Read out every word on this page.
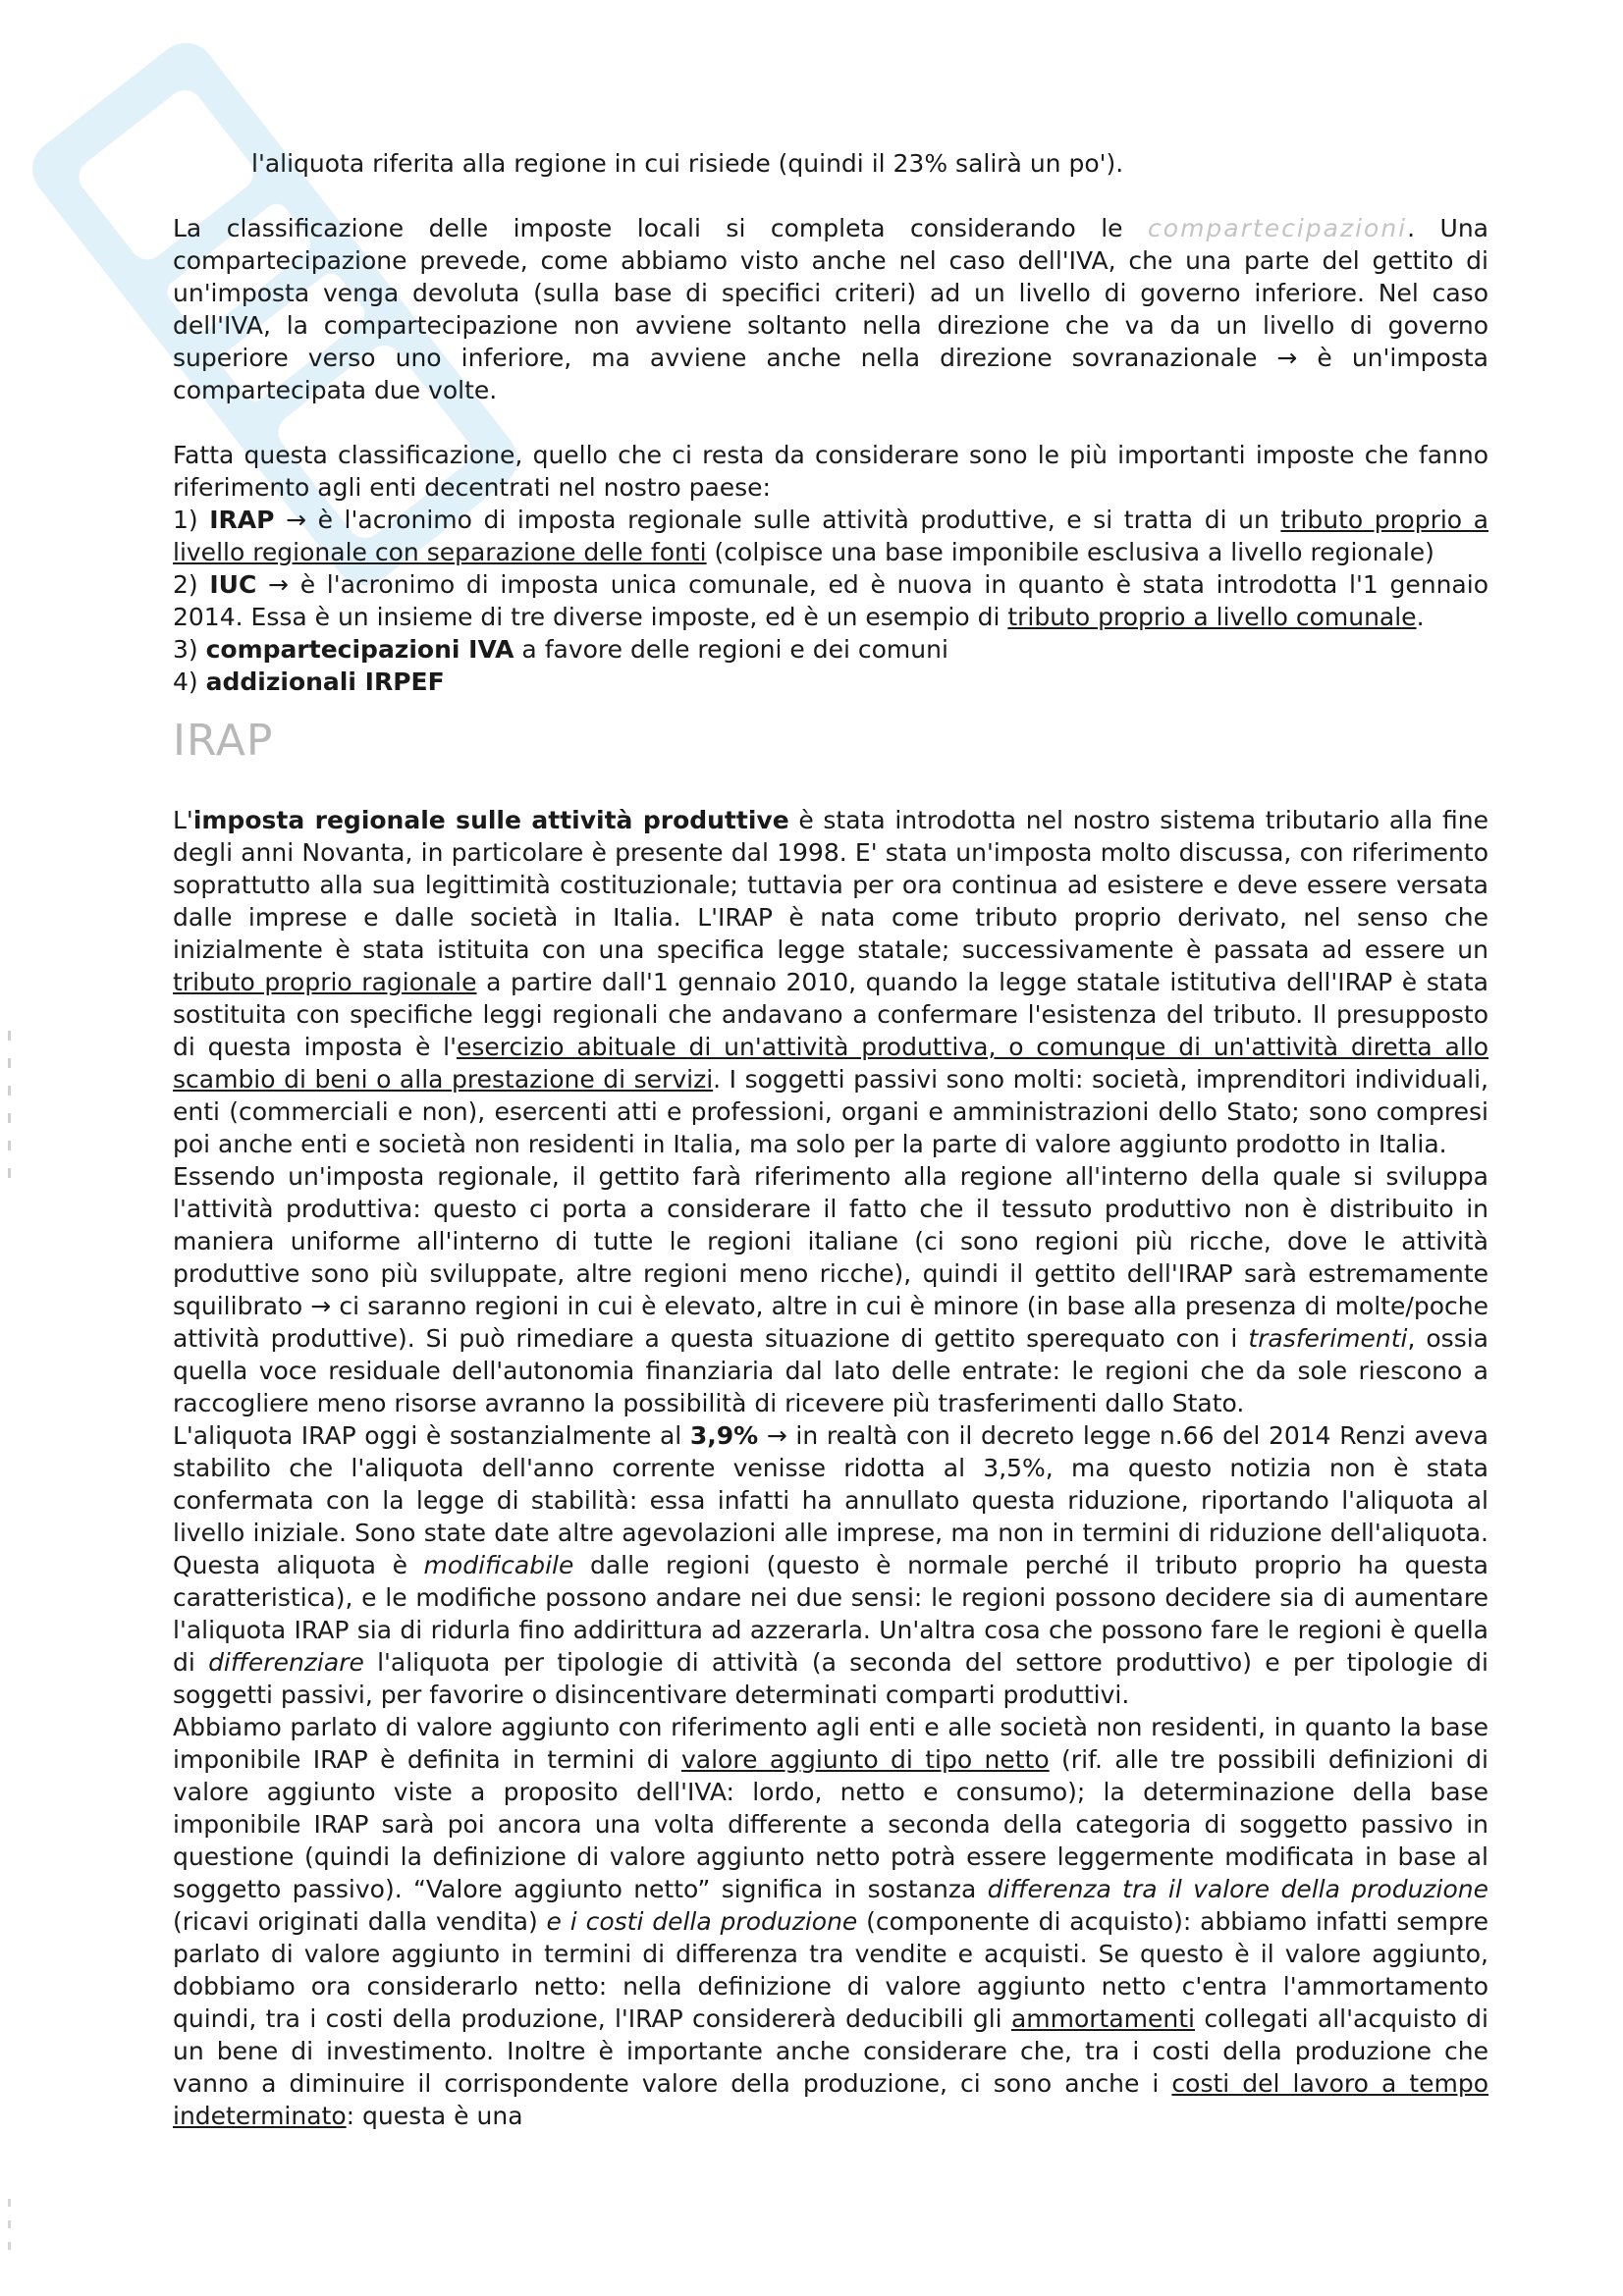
l'aliquota riferita alla regione in cui risiede (quindi il 23% salirà un po').

La classificazione delle imposte locali si completa considerando le compartecipazioni. Una compartecipazione prevede, come abbiamo visto anche nel caso dell'IVA, che una parte del gettito di un'imposta venga devoluta (sulla base di specifici criteri) ad un livello di governo inferiore. Nel caso dell'IVA, la compartecipazione non avviene soltanto nella direzione che va da un livello di governo superiore verso uno inferiore, ma avviene anche nella direzione sovranazionale → è un'imposta compartecipata due volte.

Fatta questa classificazione, quello che ci resta da considerare sono le più importanti imposte che fanno riferimento agli enti decentrati nel nostro paese:

1) IRAP → è l'acronimo di imposta regionale sulle attività produttive, e si tratta di un tributo proprio a livello regionale con separazione delle fonti (colpisce una base imponibile esclusiva a livello regionale)

2) IUC → è l'acronimo di imposta unica comunale, ed è nuova in quanto è stata introdotta l'1 gennaio 2014. Essa è un insieme di tre diverse imposte, ed è un esempio di tributo proprio a livello comunale.

3) compartecipazioni IVA a favore delle regioni e dei comuni

4) addizionali IRPEF

IRAP

L'imposta regionale sulle attività produttive è stata introdotta nel nostro sistema tributario alla fine degli anni Novanta, in particolare è presente dal 1998. E' stata un'imposta molto discussa, con riferimento soprattutto alla sua legittimità costituzionale; tuttavia per ora continua ad esistere e deve essere versata dalle imprese e dalle società in Italia. L'IRAP è nata come tributo proprio derivato, nel senso che inizialmente è stata istituita con una specifica legge statale; successivamente è passata ad essere un tributo proprio ragionale a partire dall'1 gennaio 2010, quando la legge statale istitutiva dell'IRAP è stata sostituita con specifiche leggi regionali che andavano a confermare l'esistenza del tributo. Il presupposto di questa imposta è l'esercizio abituale di un'attività produttiva, o comunque di un'attività diretta allo scambio di beni o alla prestazione di servizi. I soggetti passivi sono molti: società, imprenditori individuali, enti (commerciali e non), esercenti atti e professioni, organi e amministrazioni dello Stato; sono compresi poi anche enti e società non residenti in Italia, ma solo per la parte di valore aggiunto prodotto in Italia.

Essendo un'imposta regionale, il gettito farà riferimento alla regione all'interno della quale si sviluppa l'attività produttiva: questo ci porta a considerare il fatto che il tessuto produttivo non è distribuito in maniera uniforme all'interno di tutte le regioni italiane (ci sono regioni più ricche, dove le attività produttive sono più sviluppate, altre regioni meno ricche), quindi il gettito dell'IRAP sarà estremamente squilibrato → ci saranno regioni in cui è elevato, altre in cui è minore (in base alla presenza di molte/poche attività produttive). Si può rimediare a questa situazione di gettito sperequato con i trasferimenti, ossia quella voce residuale dell'autonomia finanziaria dal lato delle entrate: le regioni che da sole riescono a raccogliere meno risorse avranno la possibilità di ricevere più trasferimenti dallo Stato.

L'aliquota IRAP oggi è sostanzialmente al 3,9% → in realtà con il decreto legge n.66 del 2014 Renzi aveva stabilito che l'aliquota dell'anno corrente venisse ridotta al 3,5%, ma questo notizia non è stata confermata con la legge di stabilità: essa infatti ha annullato questa riduzione, riportando l'aliquota al livello iniziale. Sono state date altre agevolazioni alle imprese, ma non in termini di riduzione dell'aliquota. Questa aliquota è modificabile dalle regioni (questo è normale perché il tributo proprio ha questa caratteristica), e le modifiche possono andare nei due sensi: le regioni possono decidere sia di aumentare l'aliquota IRAP sia di ridurla fino addirittura ad azzerarla. Un'altra cosa che possono fare le regioni è quella di differenziare l'aliquota per tipologie di attività (a seconda del settore produttivo) e per tipologie di soggetti passivi, per favorire o disincentivare determinati comparti produttivi.

Abbiamo parlato di valore aggiunto con riferimento agli enti e alle società non residenti, in quanto la base imponibile IRAP è definita in termini di valore aggiunto di tipo netto (rif. alle tre possibili definizioni di valore aggiunto viste a proposito dell'IVA: lordo, netto e consumo); la determinazione della base imponibile IRAP sarà poi ancora una volta differente a seconda della categoria di soggetto passivo in questione (quindi la definizione di valore aggiunto netto potrà essere leggermente modificata in base al soggetto passivo). “Valore aggiunto netto” significa in sostanza differenza tra il valore della produzione (ricavi originati dalla vendita) e i costi della produzione (componente di acquisto): abbiamo infatti sempre parlato di valore aggiunto in termini di differenza tra vendite e acquisti. Se questo è il valore aggiunto, dobbiamo ora considerarlo netto: nella definizione di valore aggiunto netto c'entra l'ammortamento quindi, tra i costi della produzione, l'IRAP considererà deducibili gli ammortamenti collegati all'acquisto di un bene di investimento. Inoltre è importante anche considerare che, tra i costi della produzione che vanno a diminuire il corrispondente valore della produzione, ci sono anche i costi del lavoro a tempo indeterminato: questa è una
